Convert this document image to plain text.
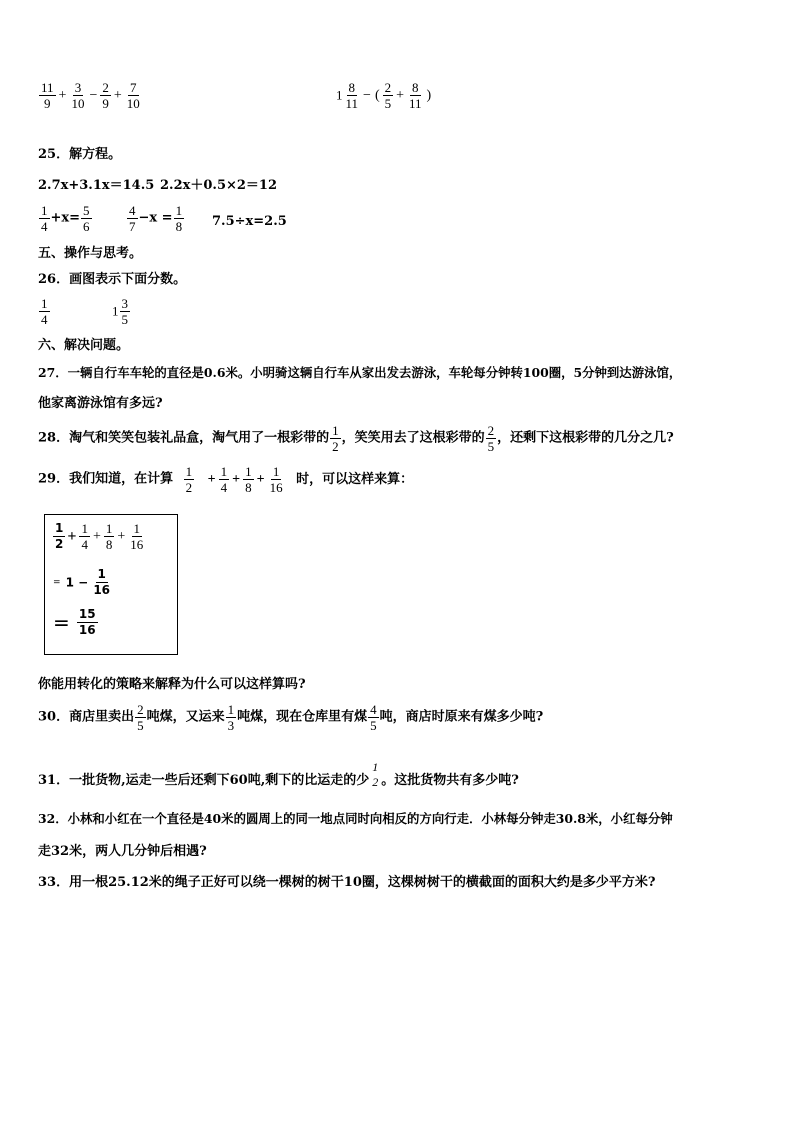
$\frac{11}{9} + \frac{3}{10} - \frac{2}{9} + \frac{7}{10}$	$1 \frac{8}{11}$ − ( $\frac{2}{5} + \frac{8}{11}$ )
25．解方程。
2.7x+3.1x＝14.5 2.2x＋0.5×2＝12
$\frac{1}{4} +x= \frac{5}{6}$	$\frac{4}{7} -x = \frac{1}{8} 7.5\div x=2.5$
五、操作与思考。
26．画图表示下面分数。
$\frac{1}{4}$	$1 \frac{3}{5}$
六、解决问题。
27．一辆自行车车轮的直径是0.6米。小明骑这辆自行车从家出发去游泳，车轮每分钟转100圈，5分钟到达游泳馆，
他家离游泳馆有多远?
28．淘气和笑笑包装礼品盒，淘气用了一根彩带的 $\frac{1}{2}$ ，笑笑用去了这根彩带的 $\frac{2}{5}$ ，还剩下这根彩带的几分之几?
29．我们知道，在计算 $\frac{1}{2} + \frac{1}{4} + \frac{1}{8} + \frac{1}{16}$ 时，可以这样来算：
$\frac{1}{2} + \frac{1}{4} + \frac{1}{8} + \frac{1}{16}$
= $1 - \frac{1}{16}$
= $\frac{15}{16}$
你能用转化的策略来解释为什么可以这样算吗?
30．商店里卖出 $\frac{2}{5}$ 吨煤，又运来 $\frac{1}{3}$ 吨煤，现在仓库里有煤 $\frac{4}{5}$ 吨，商店时原来有煤多少吨?
31．一批货物,运走一些后还剩下60吨,剩下的比运走的少
1
2 。这批货物共有多少吨?
32．小林和小红在一个直径是40米的圆周上的同一地点同时向相反的方向行走．小林每分钟走30.8米，小红每分钟
走32米，两人几分钟后相遇?
33．用一根25.12米的绳子正好可以绕一棵树的树干10圈，这棵树树干的横截面的面积大约是多少平方米?
